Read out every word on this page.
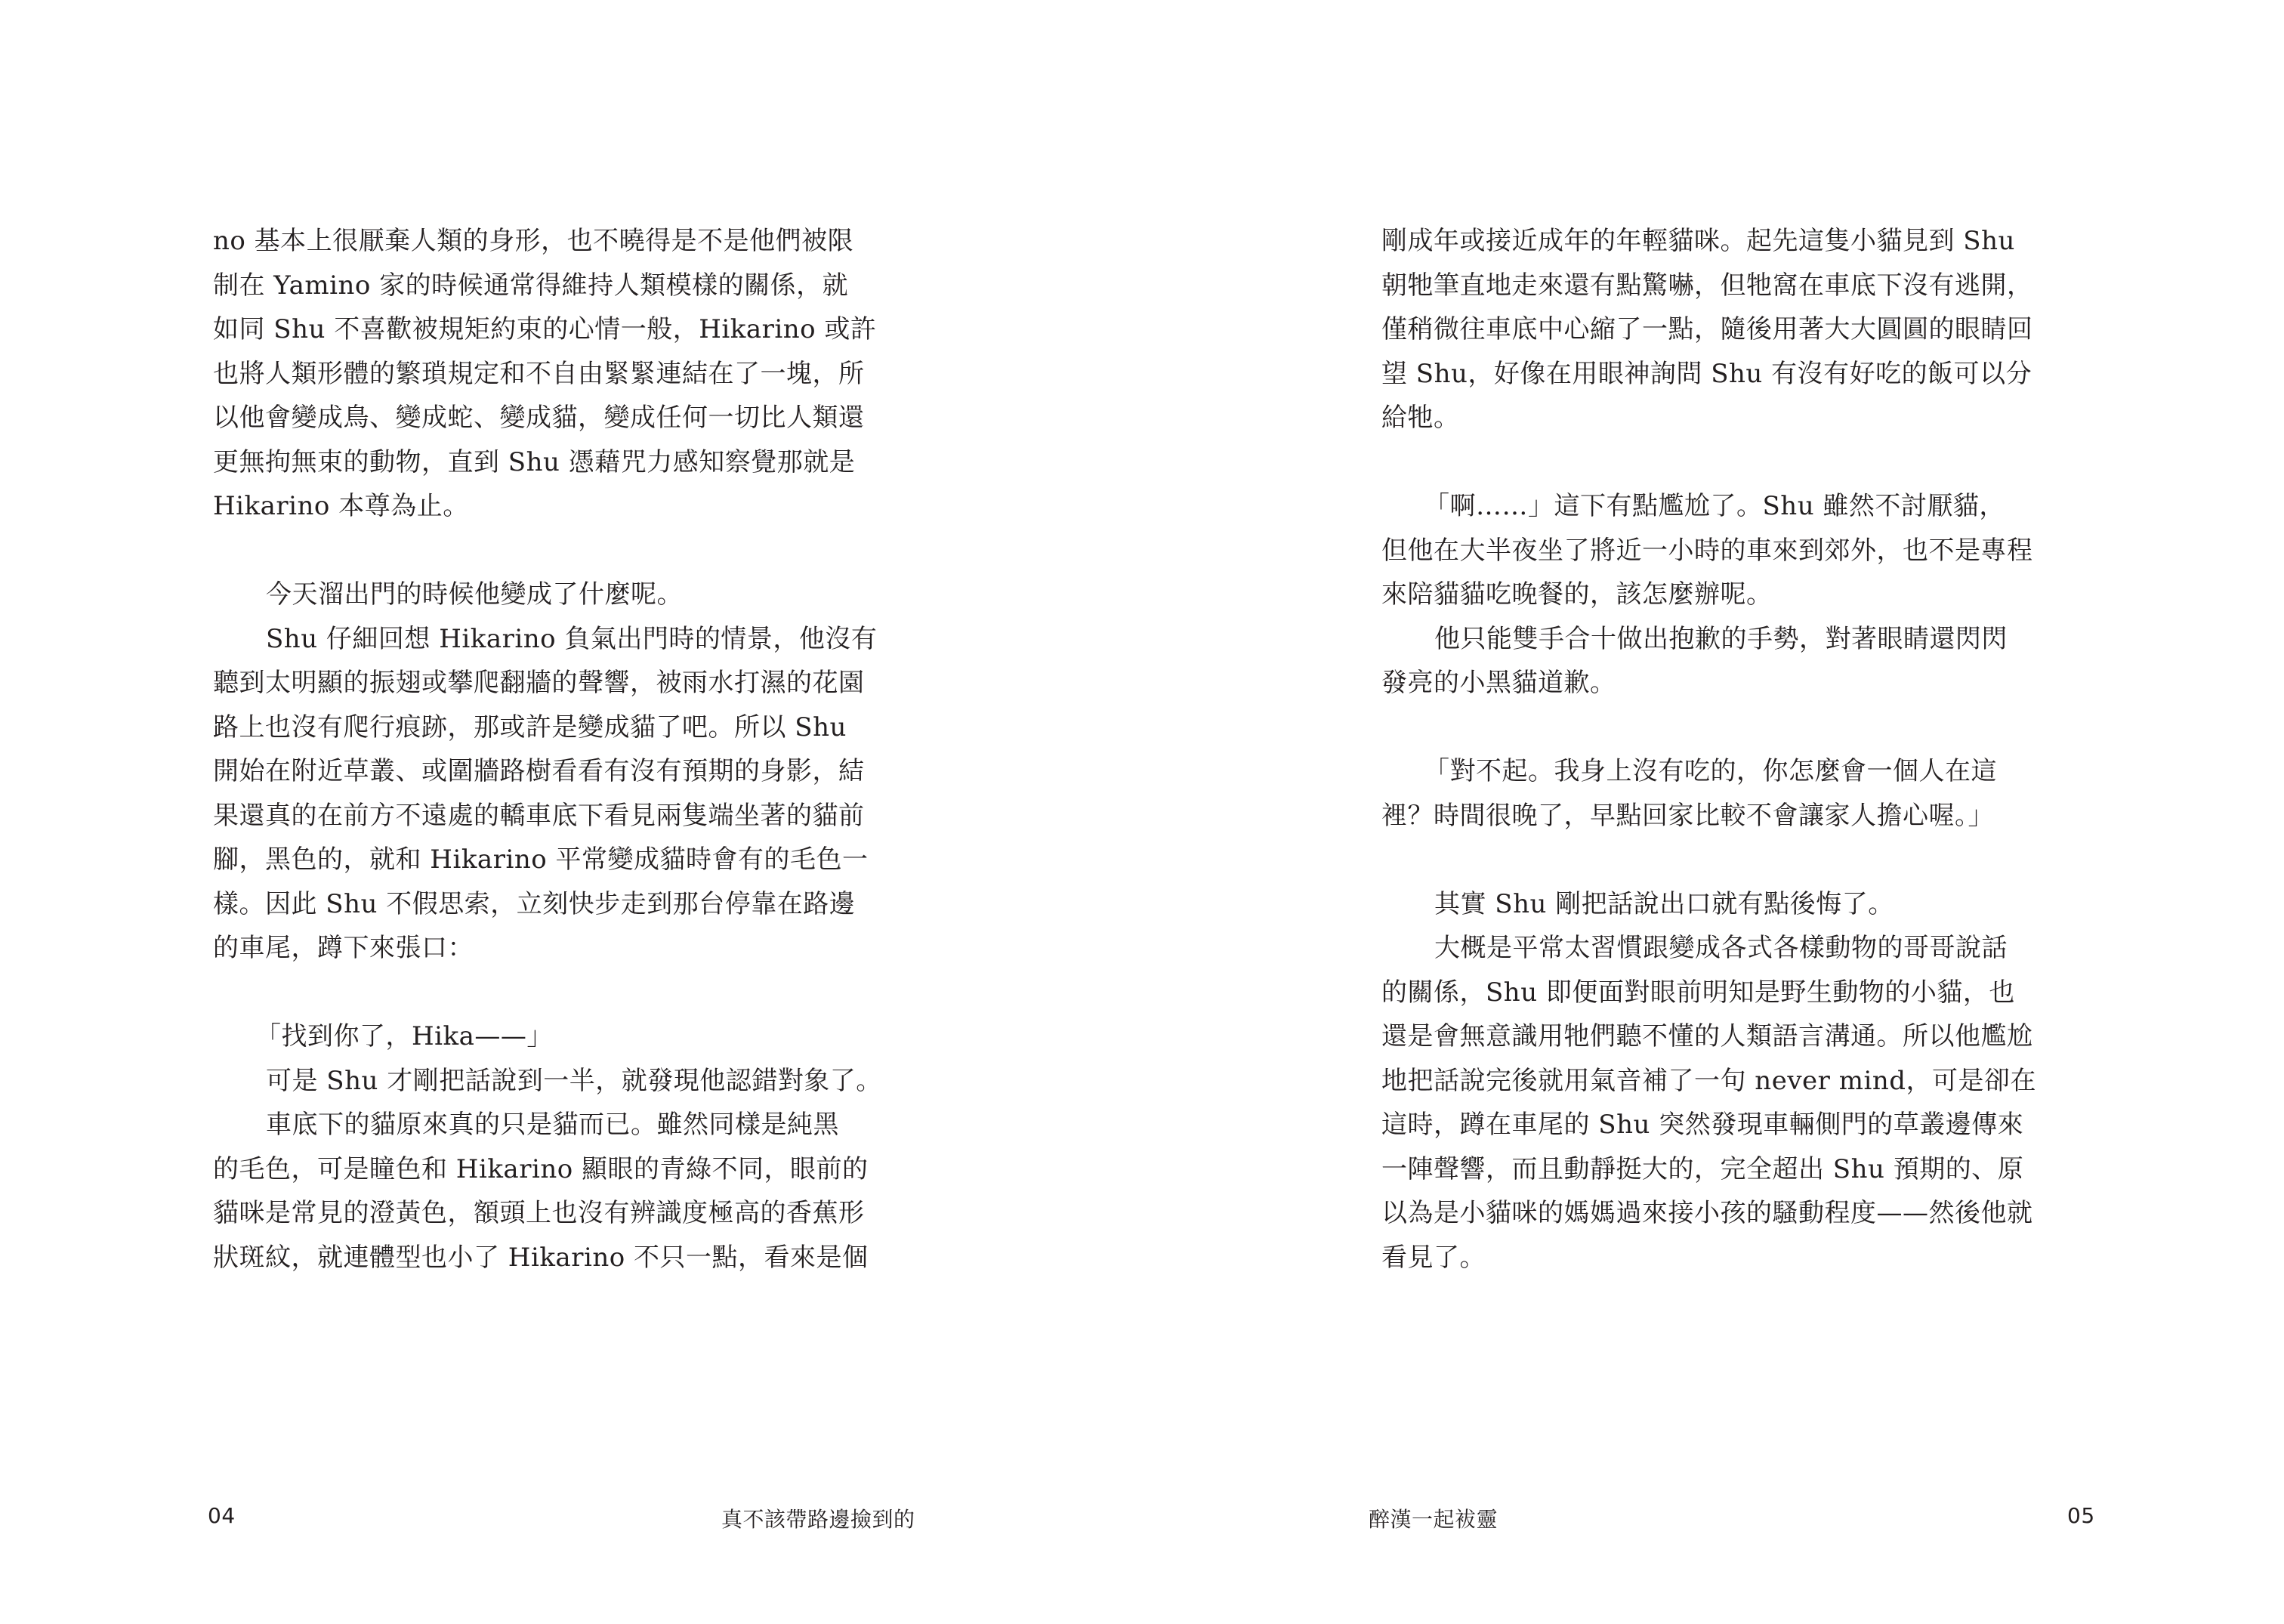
no 基本上很厭棄人類的身形，也不曉得是不是他們被限
制在 Yamino 家的時候通常得維持人類模樣的關係，就
如同 Shu 不喜歡被規矩約束的心情一般，Hikarino 或許
也將人類形體的繁瑣規定和不自由緊緊連結在了一塊，所
以他會變成鳥、變成蛇、變成貓，變成任何一切比人類還
更無拘無束的動物，直到 Shu 憑藉咒力感知察覺那就是
Hikarino 本尊為止。
今天溜出門的時候他變成了什麼呢。
Shu 仔細回想 Hikarino 負氣出門時的情景，他沒有
聽到太明顯的振翅或攀爬翻牆的聲響，被雨水打濕的花園
路上也沒有爬行痕跡，那或許是變成貓了吧。所以 Shu
開始在附近草叢、或圍牆路樹看看有沒有預期的身影，結
果還真的在前方不遠處的轎車底下看見兩隻端坐著的貓前
腳，黑色的，就和 Hikarino 平常變成貓時會有的毛色一
樣。因此 Shu 不假思索，立刻快步走到那台停靠在路邊
的車尾，蹲下來張口：
「找到你了，Hika——」
可是 Shu 才剛把話說到一半，就發現他認錯對象了。
車底下的貓原來真的只是貓而已。雖然同樣是純黑
的毛色，可是瞳色和 Hikarino 顯眼的青綠不同，眼前的
貓咪是常見的澄黃色，額頭上也沒有辨識度極高的香蕉形
狀斑紋，就連體型也小了 Hikarino 不只一點，看來是個
04	真不該帶路邊撿到的
剛成年或接近成年的年輕貓咪。起先這隻小貓見到 Shu
朝牠筆直地走來還有點驚嚇，但牠窩在車底下沒有逃開，
僅稍微往車底中心縮了一點，隨後用著大大圓圓的眼睛回
望 Shu，好像在用眼神詢問 Shu 有沒有好吃的飯可以分
給牠。
「啊……」這下有點尷尬了。Shu 雖然不討厭貓，
但他在大半夜坐了將近一小時的車來到郊外，也不是專程
來陪貓貓吃晚餐的，該怎麼辦呢。
他只能雙手合十做出抱歉的手勢，對著眼睛還閃閃
發亮的小黑貓道歉。
「對不起。我身上沒有吃的，你怎麼會一個人在這
裡？時間很晚了，早點回家比較不會讓家人擔心喔。」
其實 Shu 剛把話說出口就有點後悔了。
大概是平常太習慣跟變成各式各樣動物的哥哥說話
的關係，Shu 即便面對眼前明知是野生動物的小貓，也
還是會無意識用牠們聽不懂的人類語言溝通。所以他尷尬
地把話說完後就用氣音補了一句 never mind，可是卻在
這時，蹲在車尾的 Shu 突然發現車輛側門的草叢邊傳來
一陣聲響，而且動靜挺大的，完全超出 Shu 預期的、原
以為是小貓咪的媽媽過來接小孩的騷動程度——然後他就
看見了。
醉漢一起袚靈	05
